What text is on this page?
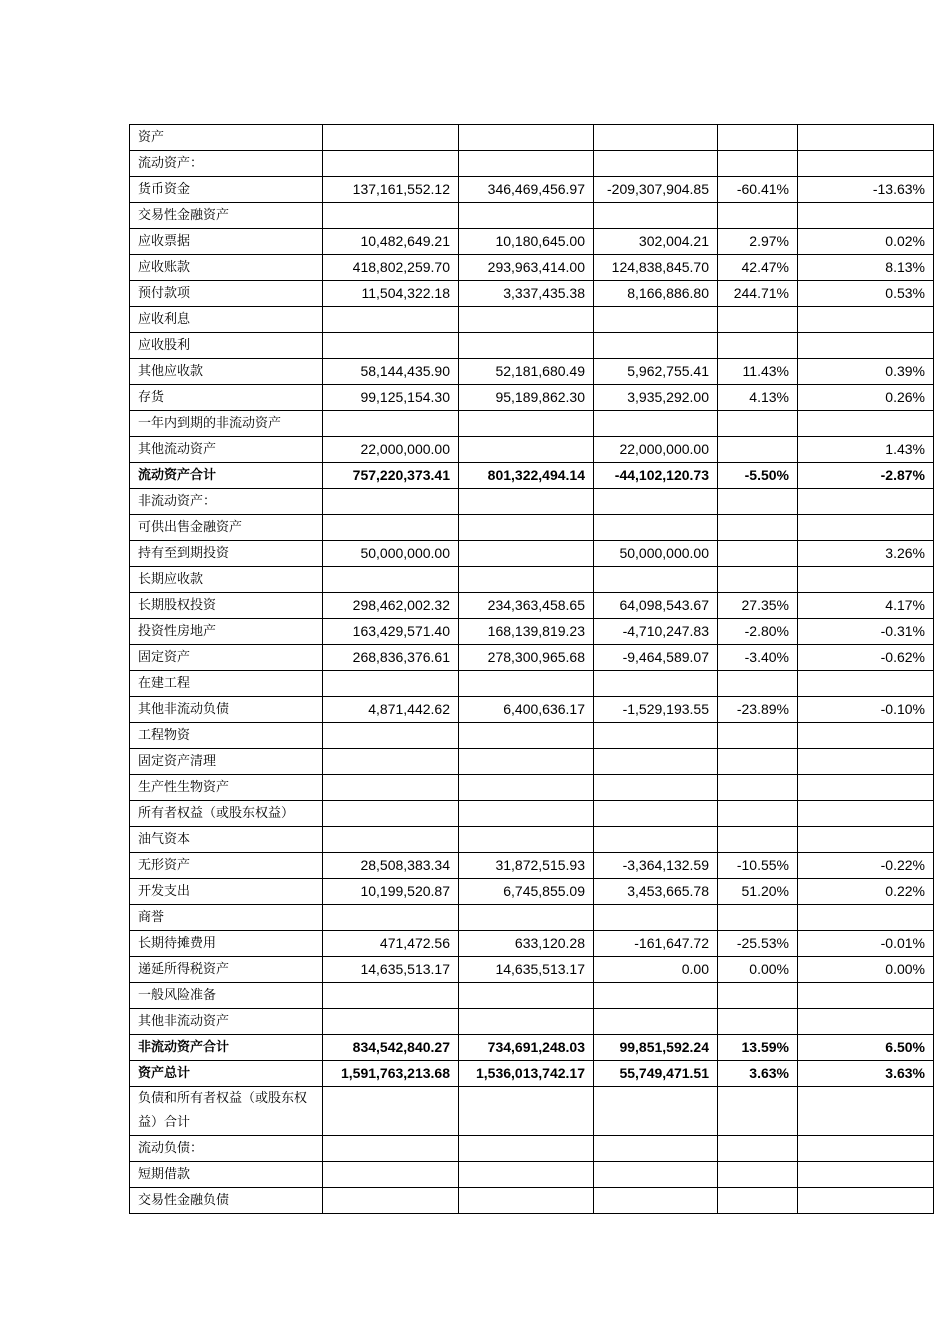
资产					
流动资产：					
货币资金	137,161,552.12	346,469,456.97	-209,307,904.85	-60.41%	-13.63%
交易性金融资产					
应收票据	10,482,649.21	10,180,645.00	302,004.21	2.97%	0.02%
应收账款	418,802,259.70	293,963,414.00	124,838,845.70	42.47%	8.13%
预付款项	11,504,322.18	3,337,435.38	8,166,886.80	244.71%	0.53%
应收利息					
应收股利					
其他应收款	58,144,435.90	52,181,680.49	5,962,755.41	11.43%	0.39%
存货	99,125,154.30	95,189,862.30	3,935,292.00	4.13%	0.26%
一年内到期的非流动资产					
其他流动资产	22,000,000.00		22,000,000.00		1.43%
流动资产合计	757,220,373.41	801,322,494.14	-44,102,120.73	-5.50%	-2.87%
非流动资产：					
可供出售金融资产					
持有至到期投资	50,000,000.00		50,000,000.00		3.26%
长期应收款					
长期股权投资	298,462,002.32	234,363,458.65	64,098,543.67	27.35%	4.17%
投资性房地产	163,429,571.40	168,139,819.23	-4,710,247.83	-2.80%	-0.31%
固定资产	268,836,376.61	278,300,965.68	-9,464,589.07	-3.40%	-0.62%
在建工程					
其他非流动负债	4,871,442.62	6,400,636.17	-1,529,193.55	-23.89%	-0.10%
工程物资					
固定资产清理					
生产性生物资产					
所有者权益（或股东权益）					
油气资本					
无形资产	28,508,383.34	31,872,515.93	-3,364,132.59	-10.55%	-0.22%
开发支出	10,199,520.87	6,745,855.09	3,453,665.78	51.20%	0.22%
商誉					
长期待摊费用	471,472.56	633,120.28	-161,647.72	-25.53%	-0.01%
递延所得税资产	14,635,513.17	14,635,513.17	0.00	0.00%	0.00%
一般风险准备					
其他非流动资产					
非流动资产合计	834,542,840.27	734,691,248.03	99,851,592.24	13.59%	6.50%
资产总计	1,591,763,213.68	1,536,013,742.17	55,749,471.51	3.63%	3.63%
负债和所有者权益（或股东权益）合计					
流动负债：					
短期借款					
交易性金融负债					
